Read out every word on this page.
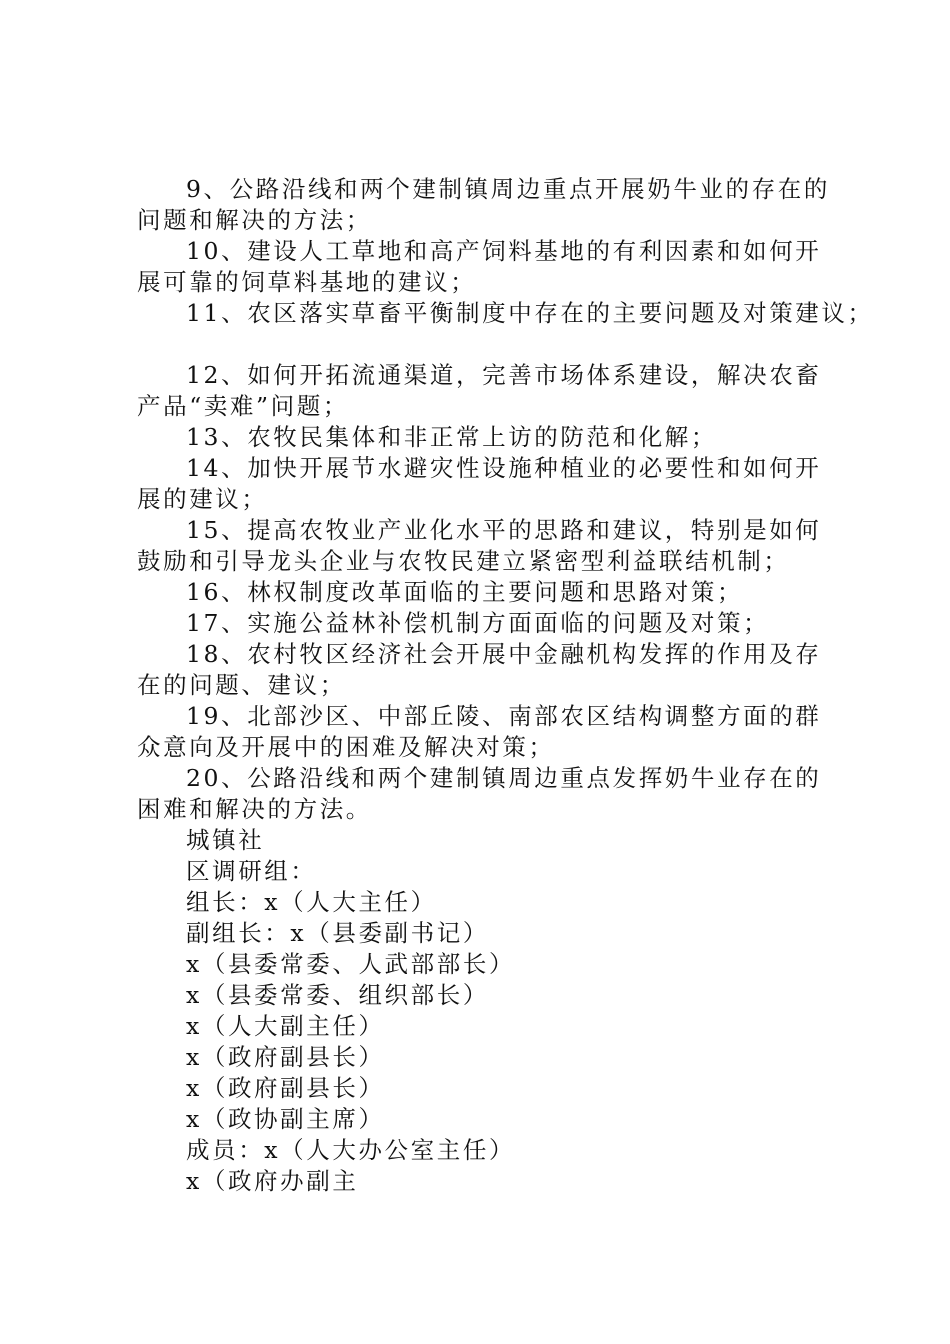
9、公路沿线和两个建制镇周边重点开展奶牛业的存在的问题和解决的方法；

10、建设人工草地和高产饲料基地的有利因素和如何开展可靠的饲草料基地的建议；

11、农区落实草畜平衡制度中存在的主要问题及对策建议；

12、如何开拓流通渠道，完善市场体系建设，解决农畜产品“卖难”问题；

13、农牧民集体和非正常上访的防范和化解；

14、加快开展节水避灾性设施种植业的必要性和如何开展的建议；

15、提高农牧业产业化水平的思路和建议，特别是如何鼓励和引导龙头企业与农牧民建立紧密型利益联结机制；

16、林权制度改革面临的主要问题和思路对策；

17、实施公益林补偿机制方面面临的问题及对策；

18、农村牧区经济社会开展中金融机构发挥的作用及存在的问题、建议；

19、北部沙区、中部丘陵、南部农区结构调整方面的群众意向及开展中的困难及解决对策；

20、公路沿线和两个建制镇周边重点发挥奶牛业存在的困难和解决的方法。

城镇社

区调研组：

组长：x（人大主任）

副组长：x（县委副书记）

x（县委常委、人武部部长）

x（县委常委、组织部长）

x（人大副主任）

x（政府副县长）

x（政府副县长）

x（政协副主席）

成员：x（人大办公室主任）

x（政府办副主
